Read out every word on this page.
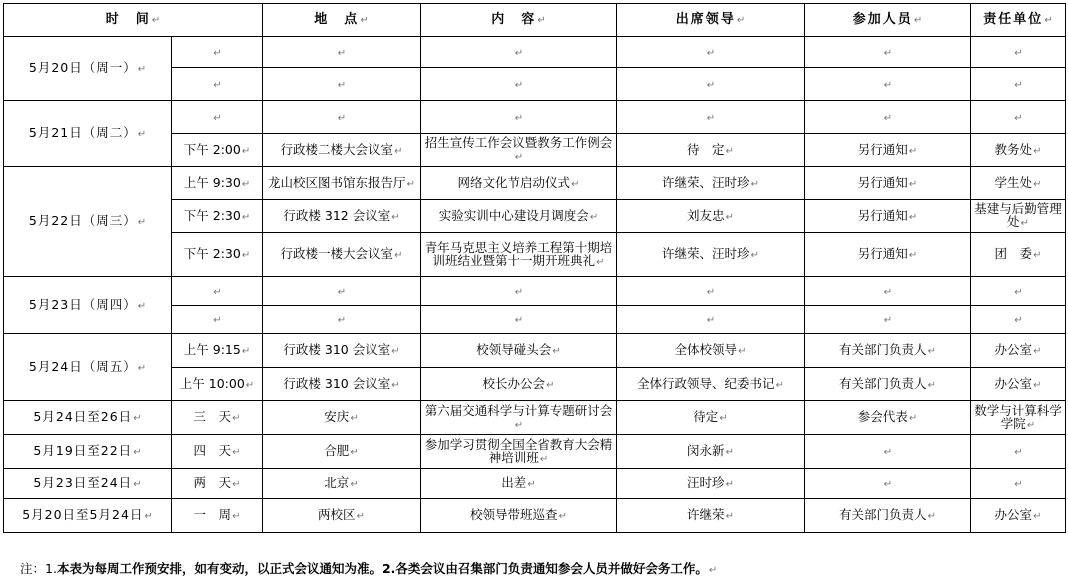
时　间↵		地　点↵	内　容↵	出席领导↵	参加人员↵	责任单位↵
5月20日（周一）↵	↵	↵	↵	↵	↵	↵
	↵	↵	↵	↵	↵	↵
5月21日（周二）↵	↵	↵	↵	↵	↵	↵
	下午 2:00↵	行政楼二楼大会议室↵	招生宣传工作会议暨教务工作例会↵	待　定↵	另行通知↵	教务处↵
5月22日（周三）↵	上午 9:30↵	龙山校区图书馆东报告厅↵	网络文化节启动仪式↵	许继荣、汪时珍↵	另行通知↵	学生处↵
	下午 2:30↵	行政楼 312 会议室↵	实验实训中心建设月调度会↵	刘友忠↵	另行通知↵	基建与后勤管理处↵
	下午 2:30↵	行政楼一楼大会议室↵	青年马克思主义培养工程第十期培训班结业暨第十一期开班典礼↵	许继荣、汪时珍↵	另行通知↵	团　委↵
5月23日（周四）↵	↵	↵	↵	↵	↵	↵
	↵	↵	↵	↵	↵	↵
5月24日（周五）↵	上午 9:15↵	行政楼 310 会议室↵	校领导碰头会↵	全体校领导↵	有关部门负责人↵	办公室↵
	上午 10:00↵	行政楼 310 会议室↵	校长办公会↵	全体行政领导、纪委书记↵	有关部门负责人↵	办公室↵
5月24日至26日↵	三　天↵	安庆↵	第六届交通科学与计算专题研讨会↵	待定↵	参会代表↵	数学与计算科学学院↵
5月19日至22日↵	四　天↵	合肥↵	参加学习贯彻全国全省教育大会精神培训班↵	闵永新↵	↵	↵
5月23日至24日↵	两　天↵	北京↵	出差↵	汪时珍↵	↵	↵
5月20日至5月24日↵	一　周↵	两校区↵	校领导带班巡查↵	许继荣↵	有关部门负责人↵	办公室↵
注：1.本表为每周工作预安排，如有变动，以正式会议通知为准。2.各类会议由召集部门负责通知参会人员并做好会务工作。↵
